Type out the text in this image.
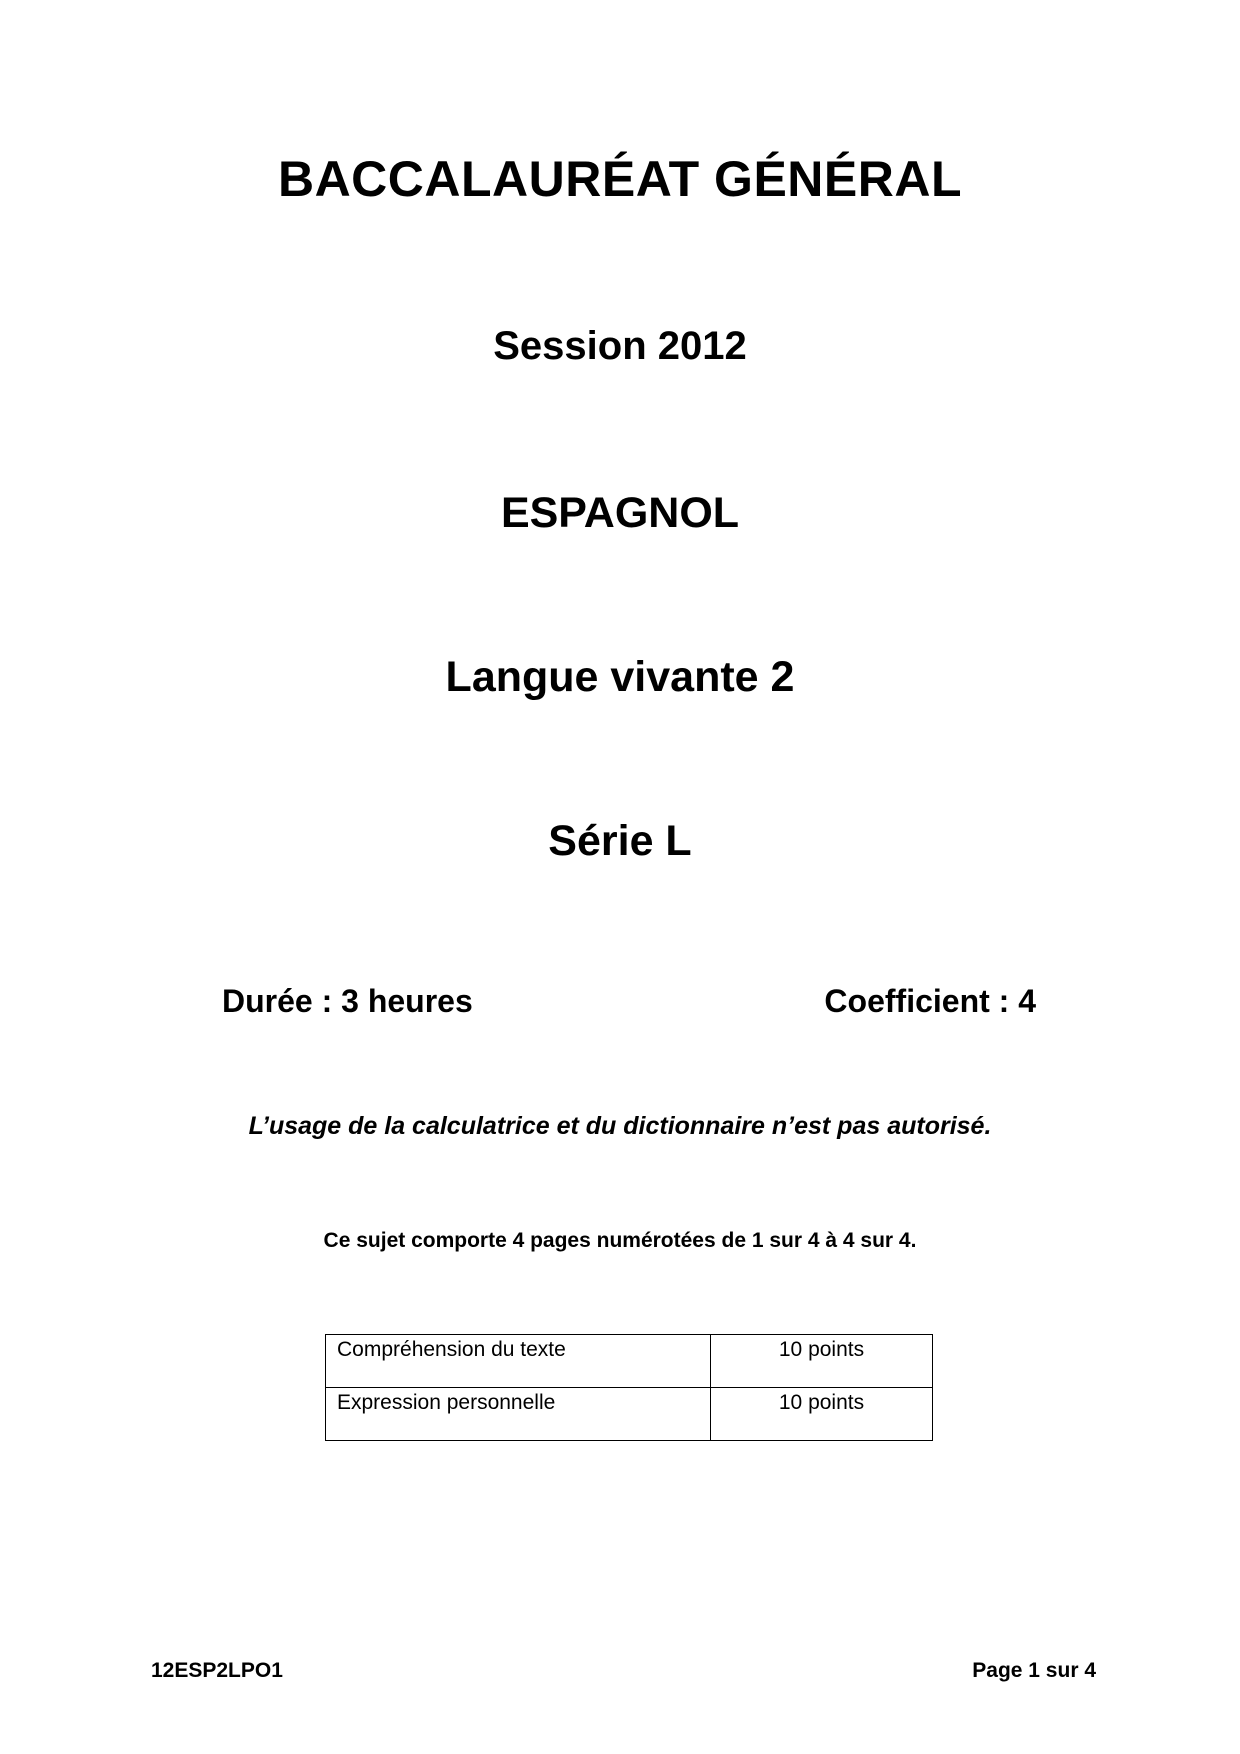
BACCALAURÉAT GÉNÉRAL
Session 2012
ESPAGNOL
Langue vivante 2
Série L
Durée : 3 heures	Coefficient : 4
L’usage de la calculatrice et du dictionnaire n’est pas autorisé.
Ce sujet comporte 4 pages numérotées de 1 sur 4 à 4 sur 4.
Compréhension du texte	10 points
Expression personnelle	10 points
12ESP2LPO1	Page 1 sur 4
